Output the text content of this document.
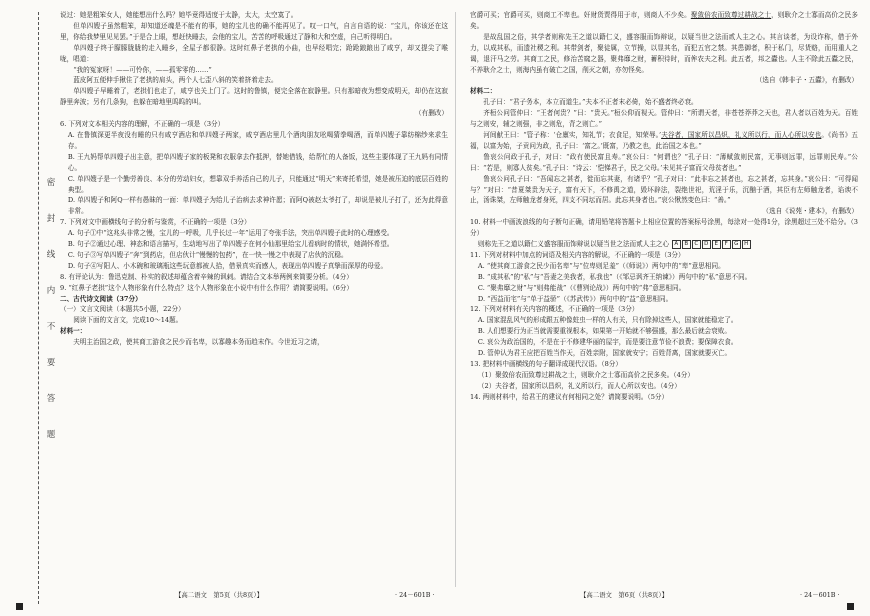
密封线内不要答题

说过：她是粗笨女人，她能想出什么吗？她毕竟得适度于太静，太大，太空寞了。

但单四嫂子虽然粗笨，却知道还魂是不能有的事，她的宝儿也的确不能再见了。叹一口气，自言自语的说：“宝儿，你该还在这里，你给我梦里见见罢。”于是合上眼，想赶快睡去，会他的宝儿，苦苦的呼吸通过了静和大和空虚，自己听得明白。

单四嫂子终于朦朦胧胧的走入睡乡，全屋子都很静。这时红鼻子老拱的小曲，也早经唱完；跄跄踉踉出了咸亨，却又提尖了喉咙，唱道：

“我的冤家呀！——可怜你，——孤零零的……”

蓝皮阿五便伸手揪住了老拱的肩头，两个人七歪八斜的笑着挤着走去。

单四嫂子早睡着了，老拱们也走了，咸亨也关上门了。这时的鲁镇，便完全落在寂静里。只有那暗夜为想变成明天，却仍在这寂静里奔波；另有几条狗，也躲在暗地里呜呜的叫。

（有删改）

6. 下列对文本相关内容的理解，不正确的一项是（3分）

A. 在鲁镇深更半夜没有睡的只有咸亨酒店和单四嫂子两家，咸亨酒店里几个酒肉朋友吆喝猜拳喝酒，而单四嫂子靠纺棉纱来求生存。

B. 王九妈帮单四嫂子出主意，把单四嫂子家的板凳和衣服拿去作抵押，替她借钱，给帮忙的人备饭，这些主要体现了王九妈有同情心。

C. 单四嫂子是一个勤劳善良、本分的劳动妇女，想靠双手养活自己的儿子，只能通过“明天”来寄托希望，她是被压迫的底层百姓的典型。

D. 单四嫂子和阿Q一样有愚昧的一面：单四嫂子为给儿子治病去求神许愿；而阿Q被赵太爷打了，却说是被儿子打了，还为此得意非常。

7. 下列对文中画横线句子的分析与鉴赏，不正确的一项是（3分）

A. 句子①中“这兆头非常之慢，宝儿的一呼吸，几乎长过一年”运用了夸张手法，突出单四嫂子此时的心理感受。

B. 句子②通过心理、神态和语言描写，生动地写出了单四嫂子在何小仙那里给宝儿看病时的情状，她满怀希望。

C. 句子③写单四嫂子“奔”到药店，但店伙计“慢慢的包药”，在一快一慢之中表现了店伙的沉稳。

D. 句子④写阳人、小木碗和玻璃瓶这些玩意都被人拾，借景真实而感人，表现出单四嫂子真挚而深厚的母爱。

8. 有评论认为：鲁迅克制、朴实的叙述却蕴含着辛辣的讽刺。请结合文本举两例来简要分析。（4分）

9. “红鼻子老拱”这个人物形象有什么特点？这个人物形象在小说中有什么作用？请简要说明。（6分）

二、古代诗文阅读（37分）

（一）文言文阅读（本题共5小题，22分）

阅读下面的文言文，完成10～14题。

材料一：

夫明主治国之政，使其商工游食之民少而名卑，以寡趣本务而趋末作。今世近习之请，

【高二语文　第5页（共8页）】	· 24－601B ·

官爵可买；官爵可买，则商工不卑也。奸财货贾得用于市，则商人不少矣。聚敛倍农而致尊过耕战之士，则耿介之士寡而高价之民多矣。

是故乱国之俗，其学者则称先王之道以籍仁义，盛容服而饰辩说，以疑当世之法而贰人主之心。其言谈者，为设诈称，借于外力，以成其私，而遗社稷之利。其带剑者，聚徒属，立节操，以显其名，而犯五官之禁。其患御者，积于私门，尽货赂，而用重人之谒，退汗马之劳。其商工之民，修治苦窳之器，聚弗靡之财，蓄积待时，而侔农夫之利。此五者，邦之蠹也。人主不除此五蠹之民，不养耿介之士，则海内虽有破亡之国，削灭之朝，亦勿怪矣。

（选自《韩非子・五蠹》，有删改）

材料二：

孔子曰：“君子务本，本立而道生。”夫本不正者末必倚，始不盛者终必衰。

齐桓公问管仲曰：“王者何贵？”曰：“贵天。”桓公仰而视天。管仲曰：“所谓天者，非苍苍莽莽之天也，君人者以百姓为天。百姓与之则安，辅之则强，非之则危，背之则亡。”

河间献王曰：“管子称：‘仓廪实，知礼节；衣食足，知荣辱。’夫谷者，国家所以昌炽，礼义所以行，而人心所以安也。《尚书》五福，以富为始，子贡问为政，孔子曰：‘富之。’既富，乃教之也，此治国之本也。”

鲁哀公问政于孔子，对曰：“政有使民富且寿。”哀公曰：“何谓也？”孔子曰：“薄赋敛则民富，无事则远罪，远罪则民寿。”公曰：“若是，则寡人贫矣。”孔子曰：“诗云：‘恺悌君子，民之父母。’未见其子富而父母贫者也。”

鲁哀公问孔子曰：“吾闻忘之甚者，徙而忘其妻，有诸乎？”孔子对曰：“此非忘之甚者也，忘之甚者，忘其身。”哀公曰：“可得闻与？”对曰：“昔夏桀贵为天子，富有天下，不修禹之道，毁坏辟法，裂绝世祀，荒淫于乐，沉酗于酒，其臣有左师触龙者，谄谀不止，汤诛桀，左师触龙者身死，四支不同坛而居。此忘其身者也。”哀公愀然变色曰：“善。”

（选自《说苑・建本》，有删改）

10. 材料一中画波浪线的句子断句正确，请用铅笔将答题卡上相应位置的答案标号涂黑，每涂对一处得1分，涂黑超过三处不给分。（3分）

则称先王之道以籍仁义盛容服而饰辩说以疑当世之法而贰人主之心 A B C D E F G H

11. 下列对材料中加点的词语及相关内容的解说，不正确的一项是（3分）

A. “使其商工游食之民少而名卑”与“位卑则足羞”（《师说》）两句中的“卑”意思相同。

B. “成其私”的“私”与“吾妻之美我者，私我也”（《邹忌讽齐王纳谏》）两句中的“私”意思不同。

C. “聚弗靡之财”与“则弗能战”（《曹刿论战》）两句中的“弗”意思相同。

D. “西益而宅”与“单于益骄”（《苏武传》）两句中的“益”意思相同。

12. 下列对材料有关内容的概述，不正确的一项是（3分）

A. 国家混乱风气的形成跟五种像蛀虫一样的人有关，只有除掉这些人，国家就能稳定了。

B. 人们想要行为正当就需要重视根本，如果第一开始就不够强盛，那么最后就会衰败。

C. 哀公为政治国的，不是在于不修建华丽的屋宇，而是要注意节俭不浪费；要保障衣食。

D. 管仲认为君王应把百姓当作天，百姓亲附，国家就安宁；百姓背离，国家就要灭亡。

13. 把材料中画横线的句子翻译成现代汉语。（8分）

（1）聚敛倍农而致尊过耕战之士，则耿介之士寡而高价之民多矣。（4分）

（2）夫谷者，国家所以昌炽，礼义所以行，而人心所以安也。（4分）

14. 两则材料中，给君王的建议有何相同之处？请简要说明。（5分）

【高二语文　第6页（共8页）】	· 24－601B ·
